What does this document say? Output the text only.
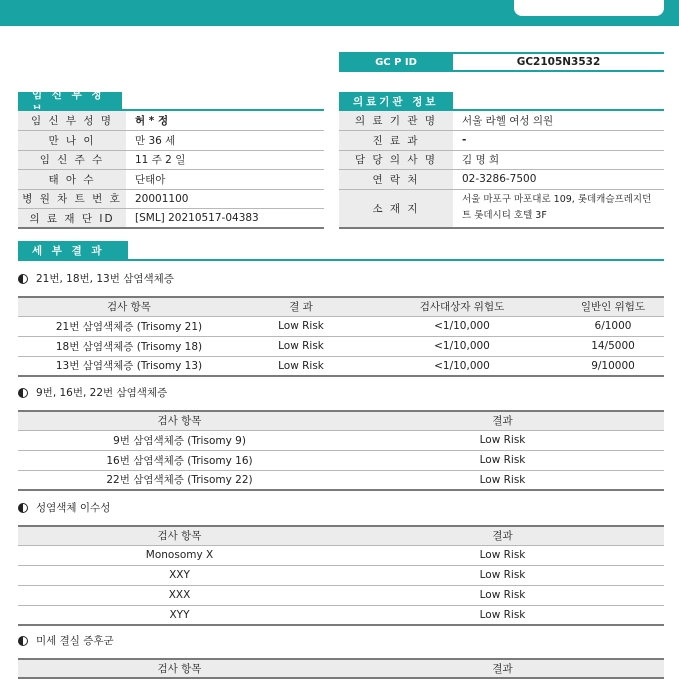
GC P ID	GC2105N3532
임 신 부 정
임 신 부 성 명	허 * 정
만 나 이	만 36 세
임 신 주 수	11 주 2 일
태 아 수	단태아
병 원 차 트 번 호	20001100
의 료 재 단 ID	[SML] 20210517-04383
의료기관 정보
의 료 기 관 명	서울 라헬 여성 의원
진 료 과	-
담 당 의 사 명	김 명 희
연 락 처	02-3286-7500
소 재 지	서울 마포구 마포대로 109, 롯데캐슬프레지던트 롯데시티 호텔 3F
세 부 결 과
21번, 18번, 13번 삼염색체증
검사 항목	결 과	검사대상자 위험도	일반인 위험도
21번 삼염색체증 (Trisomy 21)	Low Risk	<1/10,000	6/1000
18번 삼염색체증 (Trisomy 18)	Low Risk	<1/10,000	14/5000
13번 삼염색체증 (Trisomy 13)	Low Risk	<1/10,000	9/10000
9번, 16번, 22번 삼염색체증
검사 항목	결과
9번 삼염색체증 (Trisomy 9)	Low Risk
16번 삼염색체증 (Trisomy 16)	Low Risk
22번 삼염색체증 (Trisomy 22)	Low Risk
성염색체 이수성
검사 항목	결과
Monosomy X	Low Risk
XXY	Low Risk
XXX	Low Risk
XYY	Low Risk
미세 결실 증후군
검사 항목	결과
